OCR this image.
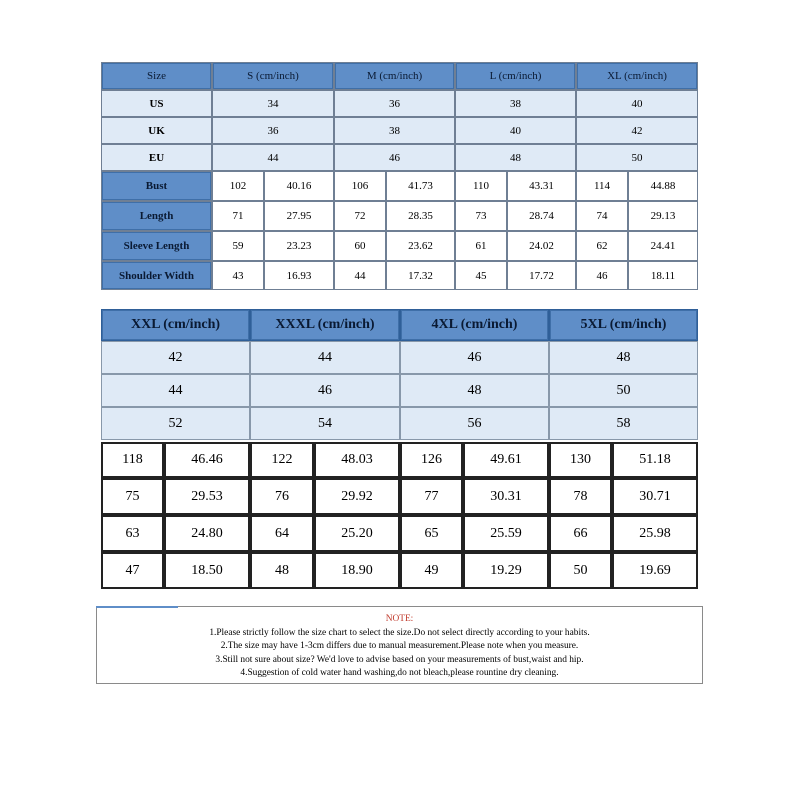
Size	S (cm/inch)	M (cm/inch)	L (cm/inch)	XL (cm/inch)
US	34	36	38	40
UK	36	38	40	42
EU	44	46	48	50
Bust	102	40.16	106	41.73	110	43.31	114	44.88
Length	71	27.95	72	28.35	73	28.74	74	29.13
Sleeve Length	59	23.23	60	23.62	61	24.02	62	24.41
Shoulder Width	43	16.93	44	17.32	45	17.72	46	18.11
XXL (cm/inch)	XXXL (cm/inch)	4XL (cm/inch)	5XL (cm/inch)
42	44	46	48
44	46	48	50
52	54	56	58
118	46.46	122	48.03	126	49.61	130	51.18
75	29.53	76	29.92	77	30.31	78	30.71
63	24.80	64	25.20	65	25.59	66	25.98
47	18.50	48	18.90	49	19.29	50	19.69
NOTE:
1.Please strictly follow the size chart to select the size.Do not select directly according to your habits.
2.The size may have 1-3cm differs due to manual measurement.Please note when you measure.
3.Still not sure about size? We'd love to advise based on your measurements of bust,waist and hip.
4.Suggestion of cold water hand washing,do not bleach,please rountine dry cleaning.
